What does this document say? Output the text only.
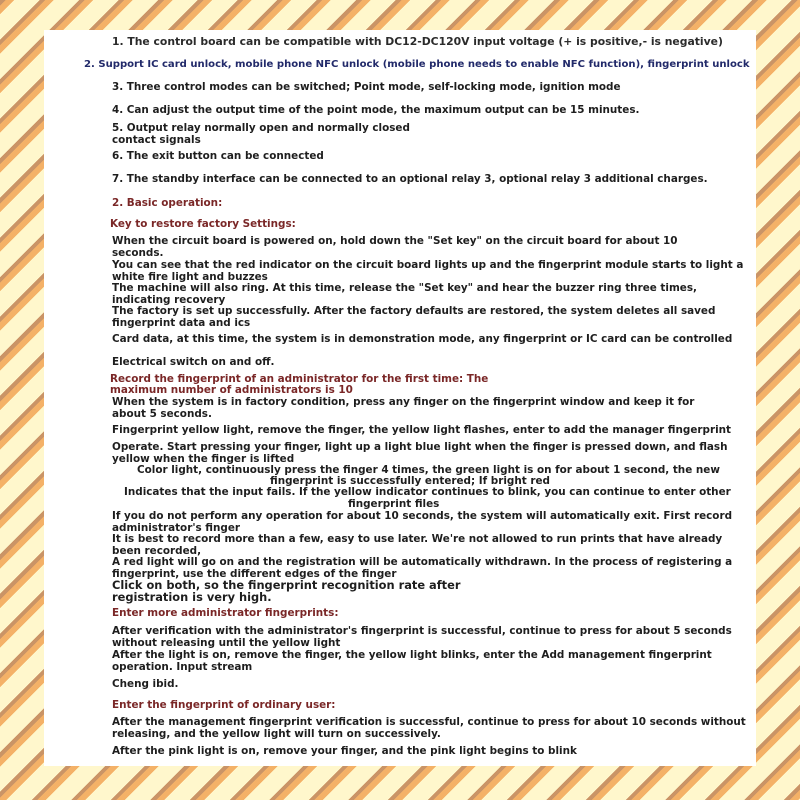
1. The control board can be compatible with DC12-DC120V input voltage (+ is positive,- is negative)
2. Support IC card unlock, mobile phone NFC unlock (mobile phone needs to enable NFC function), fingerprint unlock
3. Three control modes can be switched; Point mode, self-locking mode, ignition mode
4. Can adjust the output time of the point mode, the maximum output can be 15 minutes.
5. Output relay normally open and normally closed
contact signals
6. The exit button can be connected
7. The standby interface can be connected to an optional relay 3, optional relay 3 additional charges.
2. Basic operation:
Key to restore factory Settings:
When the circuit board is powered on, hold down the "Set key" on the circuit board for about 10
seconds.
You can see that the red indicator on the circuit board lights up and the fingerprint module starts to light a
white fire light and buzzes
The machine will also ring. At this time, release the "Set key" and hear the buzzer ring three times,
indicating recovery
The factory is set up successfully. After the factory defaults are restored, the system deletes all saved
fingerprint data and ics
Card data, at this time, the system is in demonstration mode, any fingerprint or IC card can be controlled
Electrical switch on and off.
Record the fingerprint of an administrator for the first time: The
maximum number of administrators is 10
When the system is in factory condition, press any finger on the fingerprint window and keep it for
about 5 seconds.
Fingerprint yellow light, remove the finger, the yellow light flashes, enter to add the manager fingerprint
Operate. Start pressing your finger, light up a light blue light when the finger is pressed down, and flash
yellow when the finger is lifted
Color light, continuously press the finger 4 times, the green light is on for about 1 second, the new
fingerprint is successfully entered; If bright red
Indicates that the input fails. If the yellow indicator continues to blink, you can continue to enter other
fingerprint files
If you do not perform any operation for about 10 seconds, the system will automatically exit. First record
administrator's finger
It is best to record more than a few, easy to use later. We're not allowed to run prints that have already
been recorded,
A red light will go on and the registration will be automatically withdrawn. In the process of registering a
fingerprint, use the different edges of the finger
Click on both, so the fingerprint recognition rate after
registration is very high.
Enter more administrator fingerprints:
After verification with the administrator's fingerprint is successful, continue to press for about 5 seconds
without releasing until the yellow light
After the light is on, remove the finger, the yellow light blinks, enter the Add management fingerprint
operation. Input stream
Cheng ibid.
Enter the fingerprint of ordinary user:
After the management fingerprint verification is successful, continue to press for about 10 seconds without
releasing, and the yellow light will turn on successively.
After the pink light is on, remove your finger, and the pink light begins to blink
